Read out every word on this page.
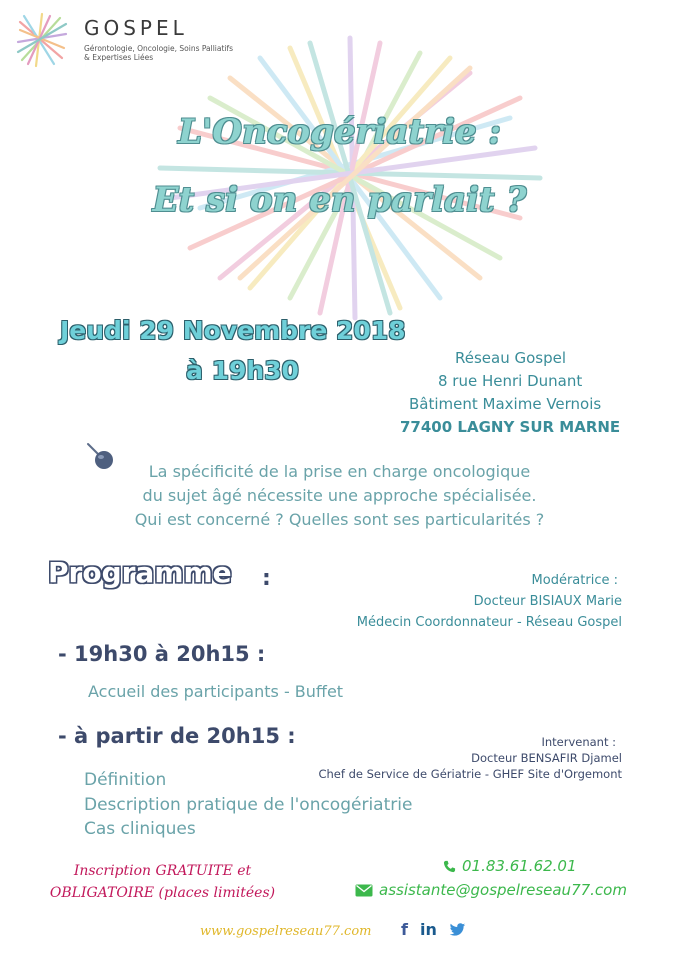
GOSPEL
Gérontologie, Oncologie, Soins Palliatifs
& Expertises Liées
L'Oncogériatrie :
Et si on en parlait ?
Jeudi 29 Novembre 2018
à 19h30	Réseau Gospel
8 rue Henri Dunant
Bâtiment Maxime Vernois
77400 LAGNY SUR MARNE
La spécificité de la prise en charge oncologique
du sujet âgé nécessite une approche spécialisée.
Qui est concerné ? Quelles sont ses particularités ?
Programme :	Modératrice :
Docteur BISIAUX Marie
Médecin Coordonnateur - Réseau Gospel
- 19h30 à 20h15 :
Accueil des participants - Buffet
- à partir de 20h15 :	Intervenant :
Docteur BENSAFIR Djamel
Chef de Service de Gériatrie - GHEF Site d'Orgemont
Définition
Description pratique de l'oncogériatrie
Cas cliniques
Inscription GRATUITE et
OBLIGATOIRE (places limitées)
01.83.61.62.01
assistante@gospelreseau77.com
www.gospelreseau77.com f in
